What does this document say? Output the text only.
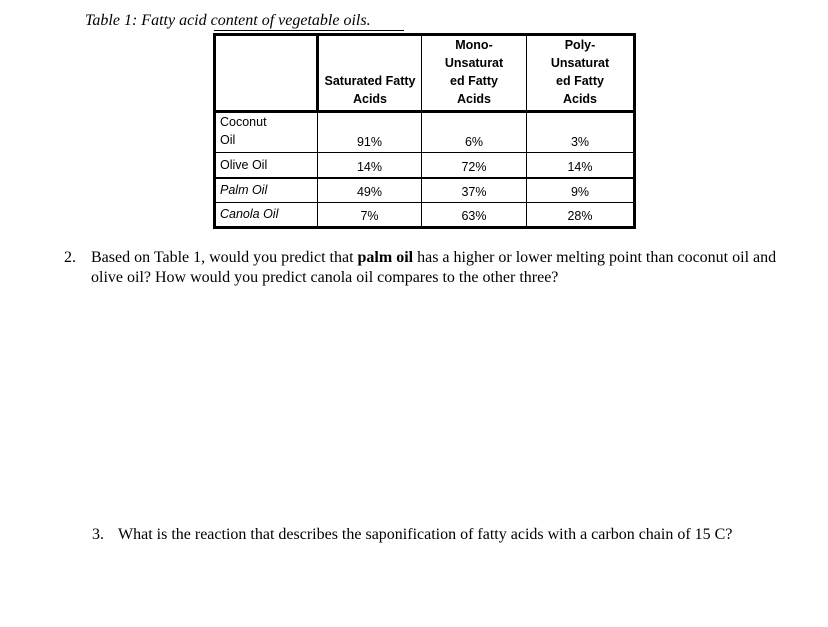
Table 1: Fatty acid content of vegetable oils.
	Saturated Fatty Acids	Mono-
Unsaturat
ed Fatty
Acids	Poly-
Unsaturat
ed Fatty
Acids
Coconut
Oil	91%	6%	3%
Olive Oil	14%	72%	14%
Palm Oil	49%	37%	9%
Canola Oil	7%	63%	28%
2. Based on Table 1, would you predict that palm oil has a higher or lower melting point than coconut oil and olive oil? How would you predict canola oil compares to the other three?
3. What is the reaction that describes the saponification of fatty acids with a carbon chain of 15 C?
